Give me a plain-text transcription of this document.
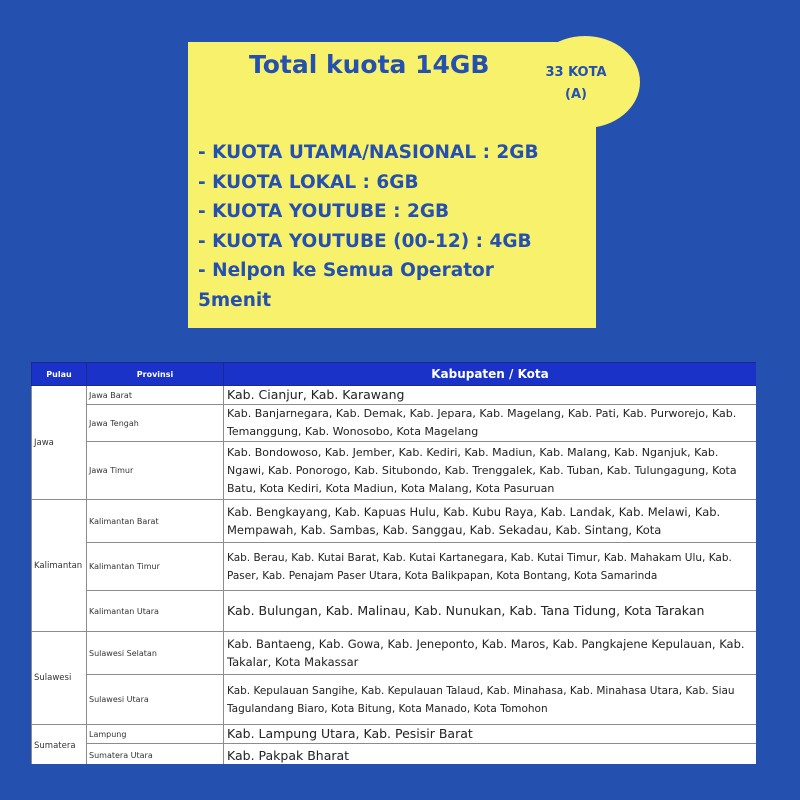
Total kuota 14GB	33 KOTA
(A)
- KUOTA UTAMA/NASIONAL : 2GB
- KUOTA LOKAL : 6GB
- KUOTA YOUTUBE : 2GB
- KUOTA YOUTUBE (00-12) : 4GB
- Nelpon ke Semua Operator
5menit
Pulau	Provinsi	Kabupaten / Kota
Jawa	Jawa Barat	Kab. Cianjur, Kab. Karawang
	Jawa Tengah	Kab. Banjarnegara, Kab. Demak, Kab. Jepara, Kab. Magelang, Kab. Pati, Kab. Purworejo, Kab. Temanggung, Kab. Wonosobo, Kota Magelang
	Jawa Timur	Kab. Bondowoso, Kab. Jember, Kab. Kediri, Kab. Madiun, Kab. Malang, Kab. Nganjuk, Kab. Ngawi, Kab. Ponorogo, Kab. Situbondo, Kab. Trenggalek, Kab. Tuban, Kab. Tulungagung, Kota Batu, Kota Kediri, Kota Madiun, Kota Malang, Kota Pasuruan
Kalimantan	Kalimantan Barat	Kab. Bengkayang, Kab. Kapuas Hulu, Kab. Kubu Raya, Kab. Landak, Kab. Melawi, Kab. Mempawah, Kab. Sambas, Kab. Sanggau, Kab. Sekadau, Kab. Sintang, Kota
	Kalimantan Timur	Kab. Berau, Kab. Kutai Barat, Kab. Kutai Kartanegara, Kab. Kutai Timur, Kab. Mahakam Ulu, Kab. Paser, Kab. Penajam Paser Utara, Kota Balikpapan, Kota Bontang, Kota Samarinda
	Kalimantan Utara	Kab. Bulungan, Kab. Malinau, Kab. Nunukan, Kab. Tana Tidung, Kota Tarakan
Sulawesi	Sulawesi Selatan	Kab. Bantaeng, Kab. Gowa, Kab. Jeneponto, Kab. Maros, Kab. Pangkajene Kepulauan, Kab. Takalar, Kota Makassar
	Sulawesi Utara	Kab. Kepulauan Sangihe, Kab. Kepulauan Talaud, Kab. Minahasa, Kab. Minahasa Utara, Kab. Siau Tagulandang Biaro, Kota Bitung, Kota Manado, Kota Tomohon
Sumatera	Lampung	Kab. Lampung Utara, Kab. Pesisir Barat
	Sumatera Utara	Kab. Pakpak Bharat
